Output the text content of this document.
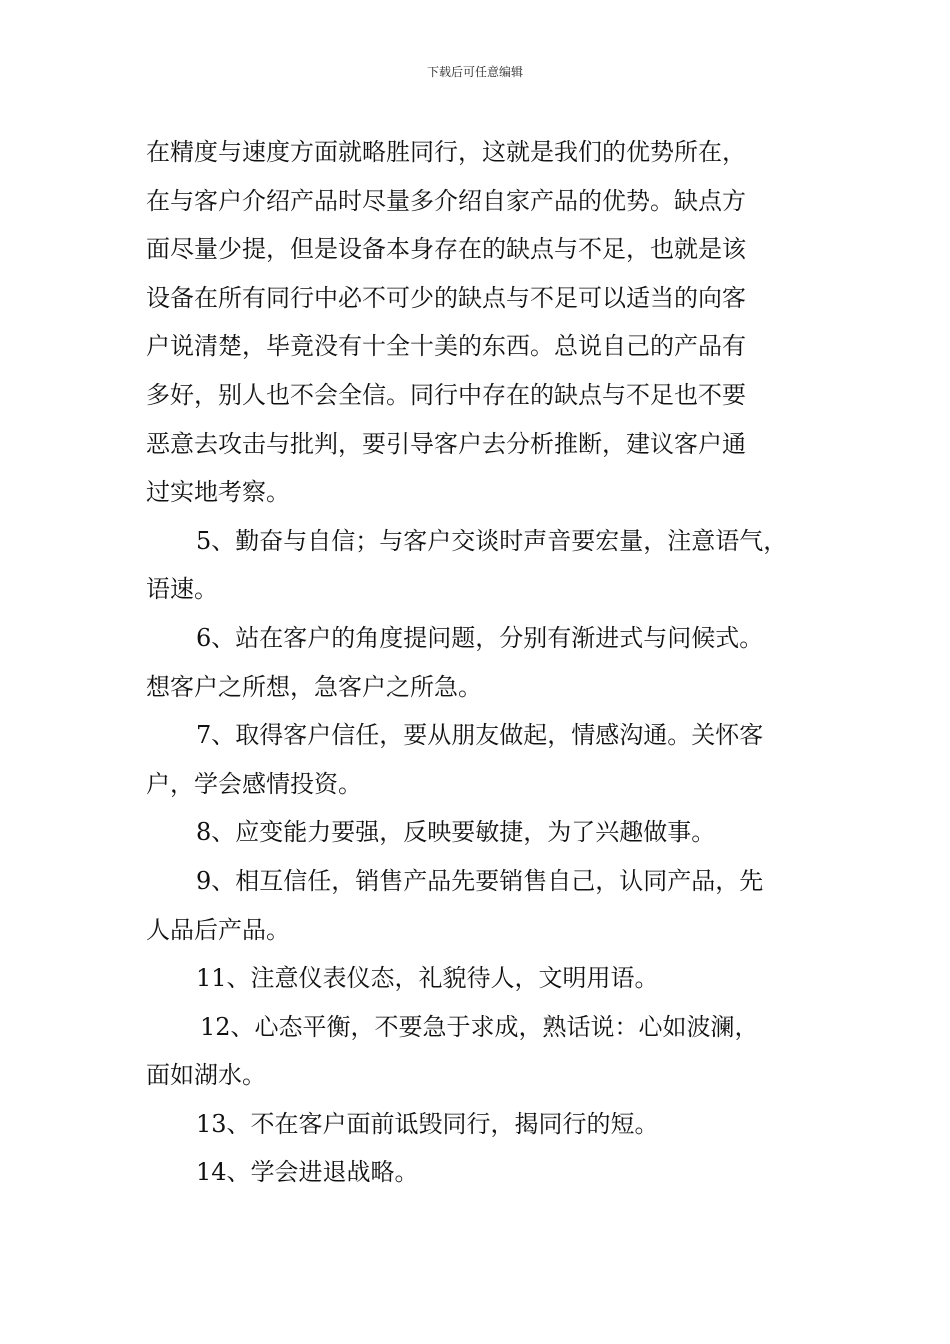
下载后可任意编辑
在精度与速度方面就略胜同行，这就是我们的优势所在，
在与客户介绍产品时尽量多介绍自家产品的优势。缺点方
面尽量少提，但是设备本身存在的缺点与不足，也就是该
设备在所有同行中必不可少的缺点与不足可以适当的向客
户说清楚，毕竟没有十全十美的东西。总说自己的产品有
多好，别人也不会全信。同行中存在的缺点与不足也不要
恶意去攻击与批判，要引导客户去分析推断，建议客户通
过实地考察。
5、勤奋与自信；与客户交谈时声音要宏量，注意语气，
语速。
6、站在客户的角度提问题，分别有渐进式与问候式。
想客户之所想，急客户之所急。
7、取得客户信任，要从朋友做起，情感沟通。关怀客
户，学会感情投资。
8、应变能力要强，反映要敏捷，为了兴趣做事。
9、相互信任，销售产品先要销售自己，认同产品，先
人品后产品。
11、注意仪表仪态，礼貌待人，文明用语。
12、心态平衡，不要急于求成，熟话说：心如波澜，
面如湖水。
13、不在客户面前诋毁同行，揭同行的短。
14、学会进退战略。
